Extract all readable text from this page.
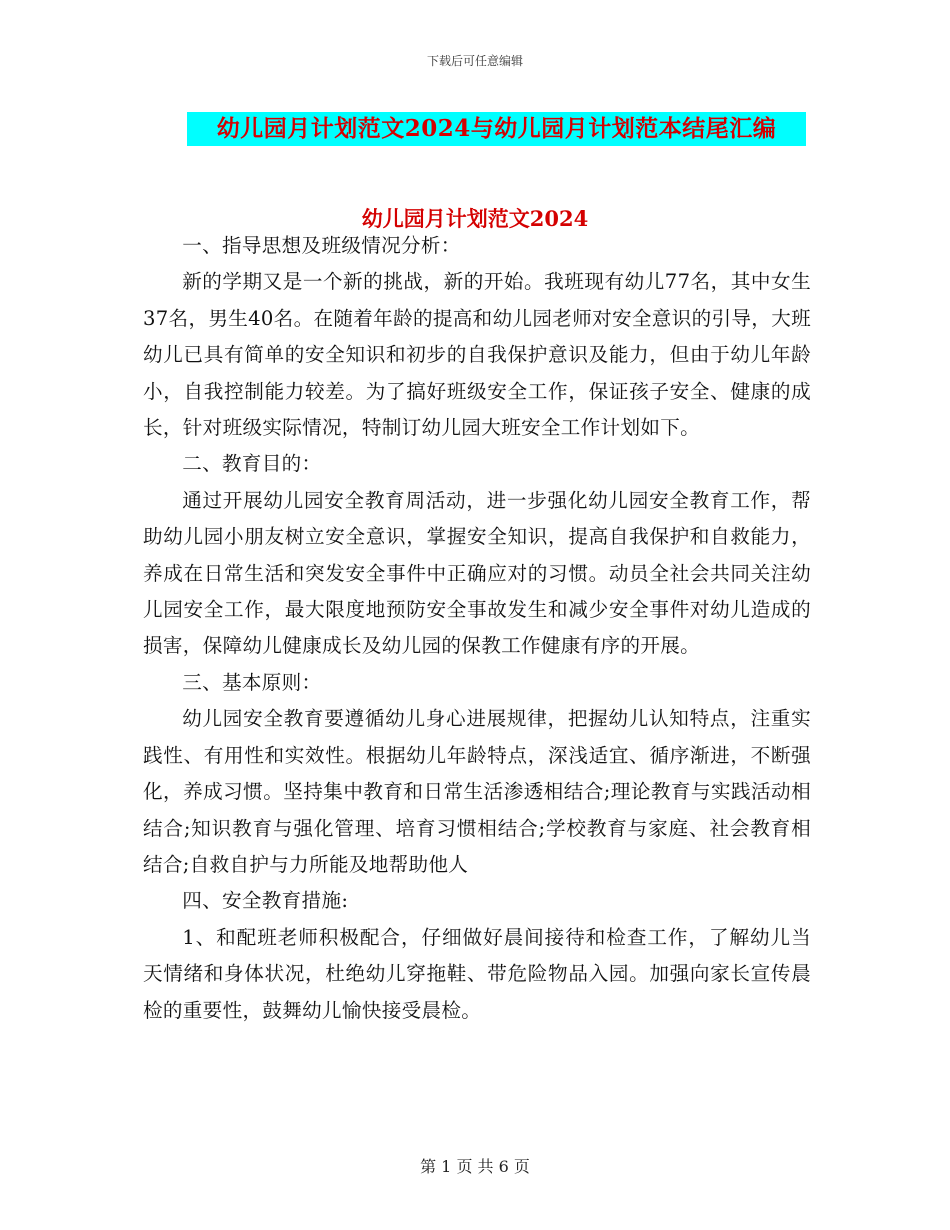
下载后可任意编辑
幼儿园月计划范文2024与幼儿园月计划范本结尾汇编
幼儿园月计划范文2024

一、指导思想及班级情况分析：

新的学期又是一个新的挑战，新的开始。我班现有幼儿77名，其中女生37名，男生40名。在随着年龄的提高和幼儿园老师对安全意识的引导，大班幼儿已具有简单的安全知识和初步的自我保护意识及能力，但由于幼儿年龄小，自我控制能力较差。为了搞好班级安全工作，保证孩子安全、健康的成长，针对班级实际情况，特制订幼儿园大班安全工作计划如下。

二、教育目的：

通过开展幼儿园安全教育周活动，进一步强化幼儿园安全教育工作，帮助幼儿园小朋友树立安全意识，掌握安全知识，提高自我保护和自救能力，养成在日常生活和突发安全事件中正确应对的习惯。动员全社会共同关注幼儿园安全工作，最大限度地预防安全事故发生和减少安全事件对幼儿造成的损害，保障幼儿健康成长及幼儿园的保教工作健康有序的开展。

三、基本原则：

幼儿园安全教育要遵循幼儿身心进展规律，把握幼儿认知特点，注重实践性、有用性和实效性。根据幼儿年龄特点，深浅适宜、循序渐进，不断强化，养成习惯。坚持集中教育和日常生活渗透相结合;理论教育与实践活动相结合;知识教育与强化管理、培育习惯相结合;学校教育与家庭、社会教育相结合;自救自护与力所能及地帮助他人

四、安全教育措施:

1、和配班老师积极配合，仔细做好晨间接待和检查工作，了解幼儿当天情绪和身体状况，杜绝幼儿穿拖鞋、带危险物品入园。加强向家长宣传晨检的重要性，鼓舞幼儿愉快接受晨检。

第 1 页 共 6 页
